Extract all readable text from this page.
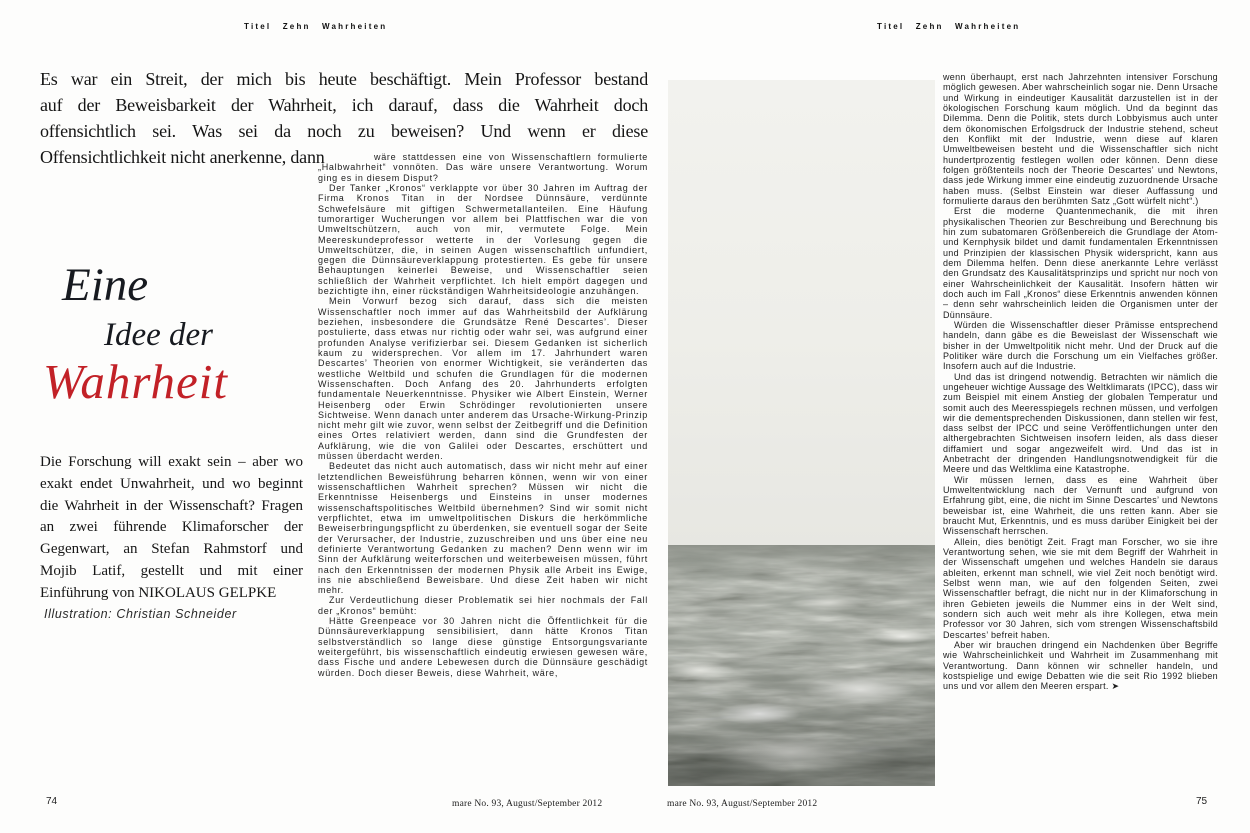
Titel Zehn Wahrheiten
Es war ein Streit, der mich bis heute beschäftigt. Mein Professor bestand
auf der Beweisbarkeit der Wahrheit, ich darauf, dass die Wahrheit doch
offensichtlich sei. Was sei da noch zu beweisen? Und wenn er diese
Offensichtlichkeit nicht anerkenne, dann
Eine
Idee der
Wahrheit
Die Forschung will exakt sein – aber wo exakt endet Unwahrheit, und wo beginnt die Wahrheit in der Wissenschaft? Fragen an zwei führende Klimaforscher der Gegenwart, an Stefan Rahmstorf und Mojib Latif, gestellt und mit einer Einführung von NIKOLAUS GELPKE
Illustration: Christian Schneider

wäre stattdessen eine von Wissenschaftlern formulierte „Halbwahrheit“ vonnöten. Das wäre unsere Verantwortung. Worum ging es in diesem Disput?

Der Tanker „Kronos“ verklappte vor über 30 Jahren im Auftrag der Firma Kronos Titan in der Nordsee Dünnsäure, verdünnte Schwefelsäure mit giftigen Schwermetallanteilen. Eine Häufung tumorartiger Wucherungen vor allem bei Plattfischen war die von Umweltschützern, auch von mir, vermutete Folge. Mein Meereskundeprofessor wetterte in der Vorlesung gegen die Umweltschützer, die, in seinen Augen wissenschaftlich unfundiert, gegen die Dünnsäureverklappung protestierten. Es gebe für unsere Behauptungen keinerlei Beweise, und Wissenschaftler seien schließlich der Wahrheit verpflichtet. Ich hielt empört dagegen und bezichtigte ihn, einer rückständigen Wahrheitsideologie anzuhängen.

Mein Vorwurf bezog sich darauf, dass sich die meisten Wissenschaftler noch immer auf das Wahrheitsbild der Aufklärung beziehen, insbesondere die Grundsätze René Descartes’. Dieser postulierte, dass etwas nur richtig oder wahr sei, was aufgrund einer profunden Analyse verifizierbar sei. Diesem Gedanken ist sicherlich kaum zu widersprechen. Vor allem im 17. Jahrhundert waren Descartes’ Theorien von enormer Wichtigkeit, sie veränderten das westliche Weltbild und schufen die Grundlagen für die modernen Wissenschaften. Doch Anfang des 20. Jahrhunderts erfolgten fundamentale Neuerkenntnisse. Physiker wie Albert Einstein, Werner Heisenberg oder Erwin Schrödinger revolutionierten unsere Sichtweise. Wenn danach unter anderem das Ursache-Wirkung-Prinzip nicht mehr gilt wie zuvor, wenn selbst der Zeitbegriff und die Definition eines Ortes relativiert werden, dann sind die Grundfesten der Aufklärung, wie die von Galilei oder Descartes, erschüttert und müssen überdacht werden.

Bedeutet das nicht auch automatisch, dass wir nicht mehr auf einer letztendlichen Beweisführung beharren können, wenn wir von einer wissenschaftlichen Wahrheit sprechen? Müssen wir nicht die Erkenntnisse Heisenbergs und Einsteins in unser modernes wissenschaftspolitisches Weltbild übernehmen? Sind wir somit nicht verpflichtet, etwa im umweltpolitischen Diskurs die herkömmliche Beweiserbringungspflicht zu überdenken, sie eventuell sogar der Seite der Verursacher, der Industrie, zuzuschreiben und uns über eine neu definierte Verantwortung Gedanken zu machen? Denn wenn wir im Sinn der Aufklärung weiterforschen und weiterbeweisen müssen, führt nach den Erkenntnissen der modernen Physik alle Arbeit ins Ewige, ins nie abschließend Beweisbare. Und diese Zeit haben wir nicht mehr.

Zur Verdeutlichung dieser Problematik sei hier nochmals der Fall der „Kronos“ bemüht:

Hätte Greenpeace vor 30 Jahren nicht die Öffentlichkeit für die Dünnsäureverklappung sensibilisiert, dann hätte Kronos Titan selbstverständlich so lange diese günstige Entsorgungsvariante weitergeführt, bis wissenschaftlich eindeutig erwiesen gewesen wäre, dass Fische und andere Lebewesen durch die Dünnsäure geschädigt würden. Doch dieser Beweis, diese Wahrheit, wäre,

74	mare No. 93, August/September 2012
Titel Zehn Wahrheiten

wenn überhaupt, erst nach Jahrzehnten intensiver Forschung möglich gewesen. Aber wahrscheinlich sogar nie. Denn Ursache und Wirkung in eindeutiger Kausalität darzustellen ist in der ökologischen Forschung kaum möglich. Und da beginnt das Dilemma. Denn die Politik, stets durch Lobbyismus auch unter dem ökonomischen Erfolgsdruck der Industrie stehend, scheut den Konflikt mit der Industrie, wenn diese auf klaren Umweltbeweisen besteht und die Wissenschaftler sich nicht hundertprozentig festlegen wollen oder können. Denn diese folgen größtenteils noch der Theorie Descartes’ und Newtons, dass jede Wirkung immer eine eindeutig zuzuordnende Ursache haben muss. (Selbst Einstein war dieser Auffassung und formulierte daraus den berühmten Satz „Gott würfelt nicht“.)

Erst die moderne Quantenmechanik, die mit ihren physikalischen Theorien zur Beschreibung und Berechnung bis hin zum subatomaren Größenbereich die Grundlage der Atom- und Kernphysik bildet und damit fundamentalen Erkenntnissen und Prinzipien der klassischen Physik widerspricht, kann aus dem Dilemma helfen. Denn diese anerkannte Lehre verlässt den Grundsatz des Kausalitätsprinzips und spricht nur noch von einer Wahrscheinlichkeit der Kausalität. Insofern hätten wir doch auch im Fall „Kronos“ diese Erkenntnis anwenden können – denn sehr wahrscheinlich leiden die Organismen unter der Dünnsäure.

Würden die Wissenschaftler dieser Prämisse entsprechend handeln, dann gäbe es die Beweislast der Wissenschaft wie bisher in der Umweltpolitik nicht mehr. Und der Druck auf die Politiker wäre durch die Forschung um ein Vielfaches größer. Insofern auch auf die Industrie.

Und das ist dringend notwendig. Betrachten wir nämlich die ungeheuer wichtige Aussage des Weltklimarats (IPCC), dass wir zum Beispiel mit einem Anstieg der globalen Temperatur und somit auch des Meeresspiegels rechnen müssen, und verfolgen wir die dementsprechenden Diskussionen, dann stellen wir fest, dass selbst der IPCC und seine Veröffentlichungen unter den althergebrachten Sichtweisen insofern leiden, als dass dieser diffamiert und sogar angezweifelt wird. Und das ist in Anbetracht der dringenden Handlungsnotwendigkeit für die Meere und das Weltklima eine Katastrophe.

Wir müssen lernen, dass es eine Wahrheit über Umweltentwicklung nach der Vernunft und aufgrund von Erfahrung gibt, eine, die nicht im Sinne Descartes’ und Newtons beweisbar ist, eine Wahrheit, die uns retten kann. Aber sie braucht Mut, Erkenntnis, und es muss darüber Einigkeit bei der Wissenschaft herrschen.

Allein, dies benötigt Zeit. Fragt man Forscher, wo sie ihre Verantwortung sehen, wie sie mit dem Begriff der Wahrheit in der Wissenschaft umgehen und welches Handeln sie daraus ableiten, erkennt man schnell, wie viel Zeit noch benötigt wird. Selbst wenn man, wie auf den folgenden Seiten, zwei Wissenschaftler befragt, die nicht nur in der Klimaforschung in ihren Gebieten jeweils die Nummer eins in der Welt sind, sondern sich auch weit mehr als ihre Kollegen, etwa mein Professor vor 30 Jahren, sich vom strengen Wissenschaftsbild Descartes’ befreit haben.

Aber wir brauchen dringend ein Nachdenken über Begriffe wie Wahrscheinlichkeit und Wahrheit im Zusammenhang mit Verantwortung. Dann können wir schneller handeln, und kostspielige und ewige Debatten wie die seit Rio 1992 blieben uns und vor allem den Meeren erspart. ➤

mare No. 93, August/September 2012	75
